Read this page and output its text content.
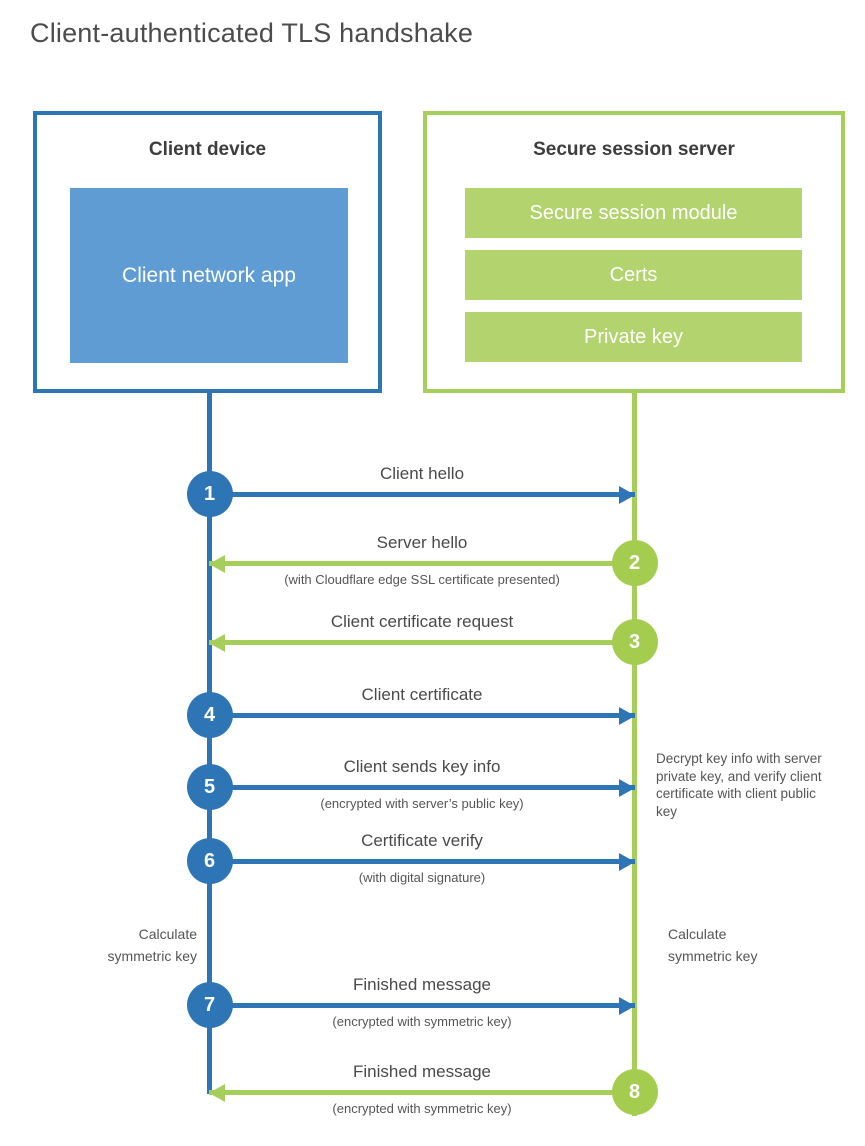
Client-authenticated TLS handshake
Client device
Client network app
Secure session server
Secure session module
Certs
Private key
1
Client hello
2
Server hello
(with Cloudflare edge SSL certificate presented)
3
Client certificate request
4
Client certificate
5
Client sends key info
(encrypted with server’s public key)
6
Certificate verify
(with digital signature)
7
Finished message
(encrypted with symmetric key)
8
Finished message
(encrypted with symmetric key)
Decrypt key info with server private key, and verify client certificate with client public key
Calculate symmetric key
Calculate symmetric key
